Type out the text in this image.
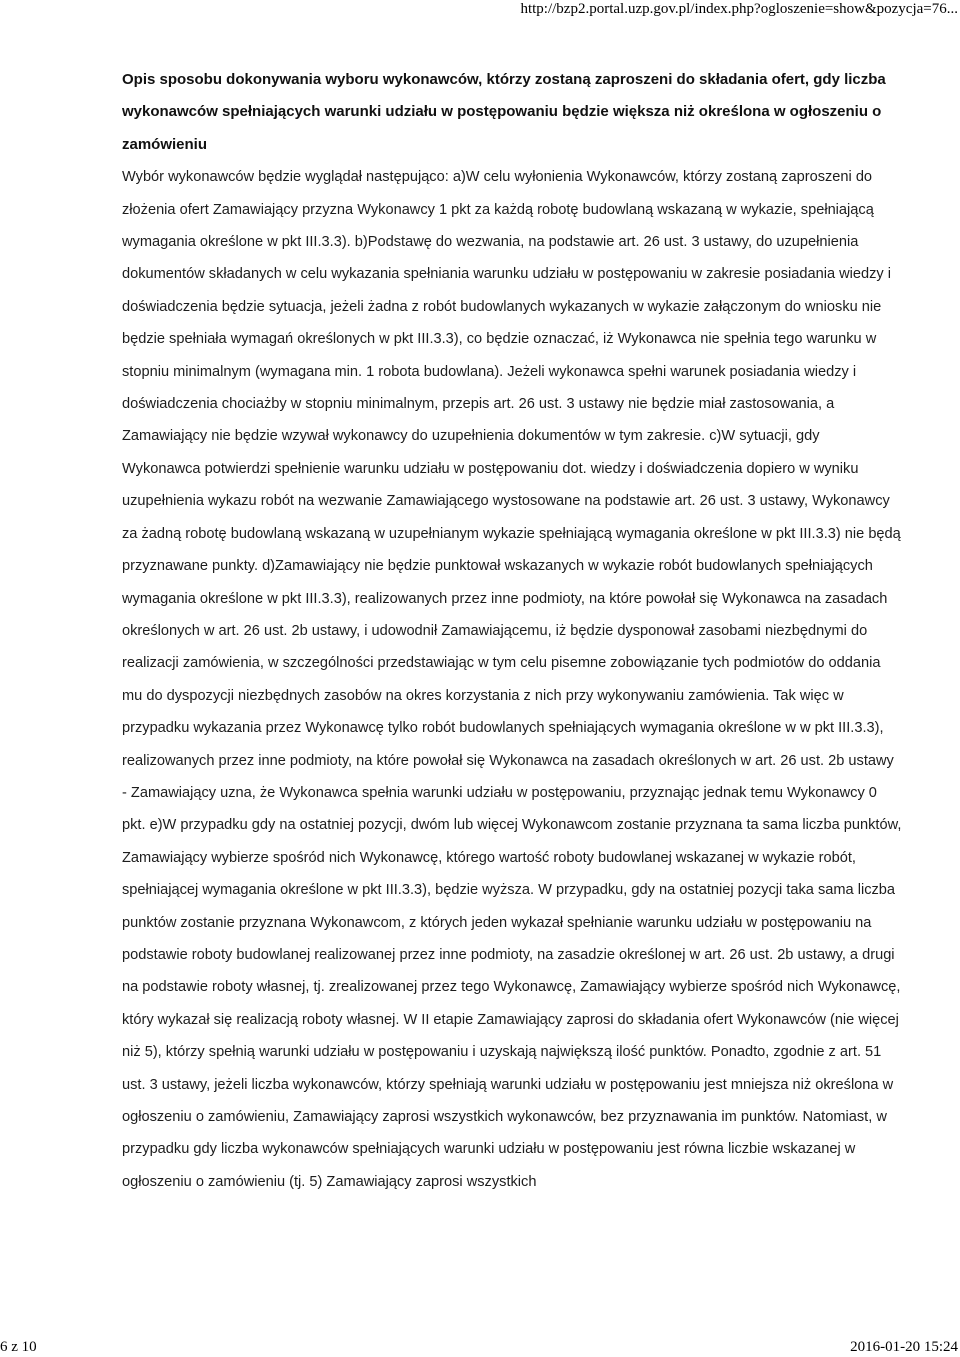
http://bzp2.portal.uzp.gov.pl/index.php?ogloszenie=show&pozycja=76...

Opis sposobu dokonywania wyboru wykonawców, którzy zostaną zaproszeni do składania ofert, gdy liczba wykonawców spełniających warunki udziału w postępowaniu będzie większa niż określona w ogłoszeniu o zamówieniu

Wybór wykonawców będzie wyglądał następująco: a)W celu wyłonienia Wykonawców, którzy zostaną zaproszeni do złożenia ofert Zamawiający przyzna Wykonawcy 1 pkt za każdą robotę budowlaną wskazaną w wykazie, spełniającą wymagania określone w pkt III.3.3). b)Podstawę do wezwania, na podstawie art. 26 ust. 3 ustawy, do uzupełnienia dokumentów składanych w celu wykazania spełniania warunku udziału w postępowaniu w zakresie posiadania wiedzy i doświadczenia będzie sytuacja, jeżeli żadna z robót budowlanych wykazanych w wykazie załączonym do wniosku nie będzie spełniała wymagań określonych w pkt III.3.3), co będzie oznaczać, iż Wykonawca nie spełnia tego warunku w stopniu minimalnym (wymagana min. 1 robota budowlana). Jeżeli wykonawca spełni warunek posiadania wiedzy i doświadczenia chociażby w stopniu minimalnym, przepis art. 26 ust. 3 ustawy nie będzie miał zastosowania, a Zamawiający nie będzie wzywał wykonawcy do uzupełnienia dokumentów w tym zakresie. c)W sytuacji, gdy Wykonawca potwierdzi spełnienie warunku udziału w postępowaniu dot. wiedzy i doświadczenia dopiero w wyniku uzupełnienia wykazu robót na wezwanie Zamawiającego wystosowane na podstawie art. 26 ust. 3 ustawy, Wykonawcy za żadną robotę budowlaną wskazaną w uzupełnianym wykazie spełniającą wymagania określone w pkt III.3.3) nie będą przyznawane punkty. d)Zamawiający nie będzie punktował wskazanych w wykazie robót budowlanych spełniających wymagania określone w pkt III.3.3), realizowanych przez inne podmioty, na które powołał się Wykonawca na zasadach określonych w art. 26 ust. 2b ustawy, i udowodnił Zamawiającemu, iż będzie dysponował zasobami niezbędnymi do realizacji zamówienia, w szczególności przedstawiając w tym celu pisemne zobowiązanie tych podmiotów do oddania mu do dyspozycji niezbędnych zasobów na okres korzystania z nich przy wykonywaniu zamówienia. Tak więc w przypadku wykazania przez Wykonawcę tylko robót budowlanych spełniających wymagania określone w w pkt III.3.3), realizowanych przez inne podmioty, na które powołał się Wykonawca na zasadach określonych w art. 26 ust. 2b ustawy - Zamawiający uzna, że Wykonawca spełnia warunki udziału w postępowaniu, przyznając jednak temu Wykonawcy 0 pkt. e)W przypadku gdy na ostatniej pozycji, dwóm lub więcej Wykonawcom zostanie przyznana ta sama liczba punktów, Zamawiający wybierze spośród nich Wykonawcę, którego wartość roboty budowlanej wskazanej w wykazie robót, spełniającej wymagania określone w pkt III.3.3), będzie wyższa. W przypadku, gdy na ostatniej pozycji taka sama liczba punktów zostanie przyznana Wykonawcom, z których jeden wykazał spełnianie warunku udziału w postępowaniu na podstawie roboty budowlanej realizowanej przez inne podmioty, na zasadzie określonej w art. 26 ust. 2b ustawy, a drugi na podstawie roboty własnej, tj. zrealizowanej przez tego Wykonawcę, Zamawiający wybierze spośród nich Wykonawcę, który wykazał się realizacją roboty własnej. W II etapie Zamawiający zaprosi do składania ofert Wykonawców (nie więcej niż 5), którzy spełnią warunki udziału w postępowaniu i uzyskają największą ilość punktów. Ponadto, zgodnie z art. 51 ust. 3 ustawy, jeżeli liczba wykonawców, którzy spełniają warunki udziału w postępowaniu jest mniejsza niż określona w ogłoszeniu o zamówieniu, Zamawiający zaprosi wszystkich wykonawców, bez przyznawania im punktów. Natomiast, w przypadku gdy liczba wykonawców spełniających warunki udziału w postępowaniu jest równa liczbie wskazanej w ogłoszeniu o zamówieniu (tj. 5) Zamawiający zaprosi wszystkich

6 z 10	2016-01-20 15:24
